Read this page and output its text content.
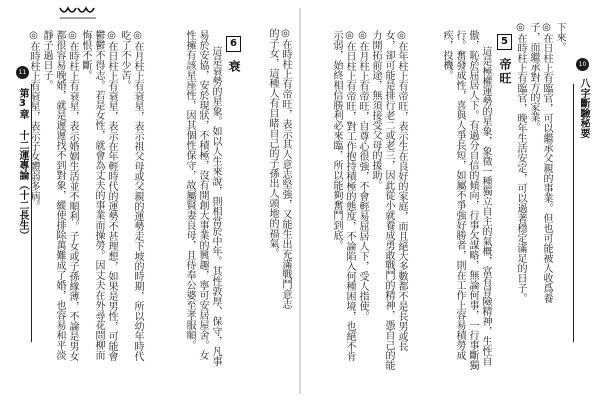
11
第3章 十二運專論（十二長生）
6
衰	◎在時柱上有帝旺，表示其人意志堅強，又能生出充滿戰鬥意志的子女，這種人有目睹自己的子孫出人頭地的福氣。

這是衰勢的星象。如以人生來說，則相當於中年。其性敦厚、保守，凡事易於安協，安於現狀，不積極，沒有開創大事業的興趣，寧可安居屋舍。女性擁有該星座性，因其個性保守，故屬賢妻良母，且侍奉公婆至孝服順。

◎在月柱上有衰星，表示祖父母或父親的運勢走下坡的時期，所以幼年時代吃了不少苦。

◎在日柱上有衰星，表示在年輕時代的運勢不甚理想，如果是男性，可能會鬱鬱不得志。若是女性，就會為丈夫的事業而操勞。因丈夫在外尋花問柳而悔恨不斷。

◎在時柱上有衰星，表示婚姻生活並不順利。子女或子孫緣薄，不論是男女都很容易晚婚，就是遲遲找不到對象，縱使排除萬難成了婚，也容易和平淡靜子過日子。

◎在時柱上有衰星，表示子女體弱多病。	10
八字斷驗秘要

下來。

◎在日柱上有臨官，可以繼承父親的事業。但也可能被人收爲養子，而繼承對方的家業。

◎在時柱上有臨官，晚年生活安定，可以過著穩定滿足的日子。

5
帝旺

這是極權運勢的星象，象徵一種獨立自主的氣概，富有冒險精神，生性自傲，恥於屈居人下。有過分自信的傾向，行事欠謀略，無論何事，一行事斷獨行。奮發成性，喜與人爭長短，如屬不爭強好勝者，則在工作上容易積勞成疾，投機。

◎在年柱上有帝旺，表示生在良好的家庭，而且絕大多數都不是長男或長女，卻可能是排行老二或老三，因此從小就養成勇敢戰鬥的精神，憑自己的能力開拓前途，無須接受父母的援助。

◎在月柱上有帝旺，自尊心很強，不會輕易屈居人下，受人指使。

◎在日柱上有帝旺，對工作抱持積極的態度，不論陷入何種困境，也絕不肯示弱，始終相信勝利必來臨，所以能夠奮鬥到底。
